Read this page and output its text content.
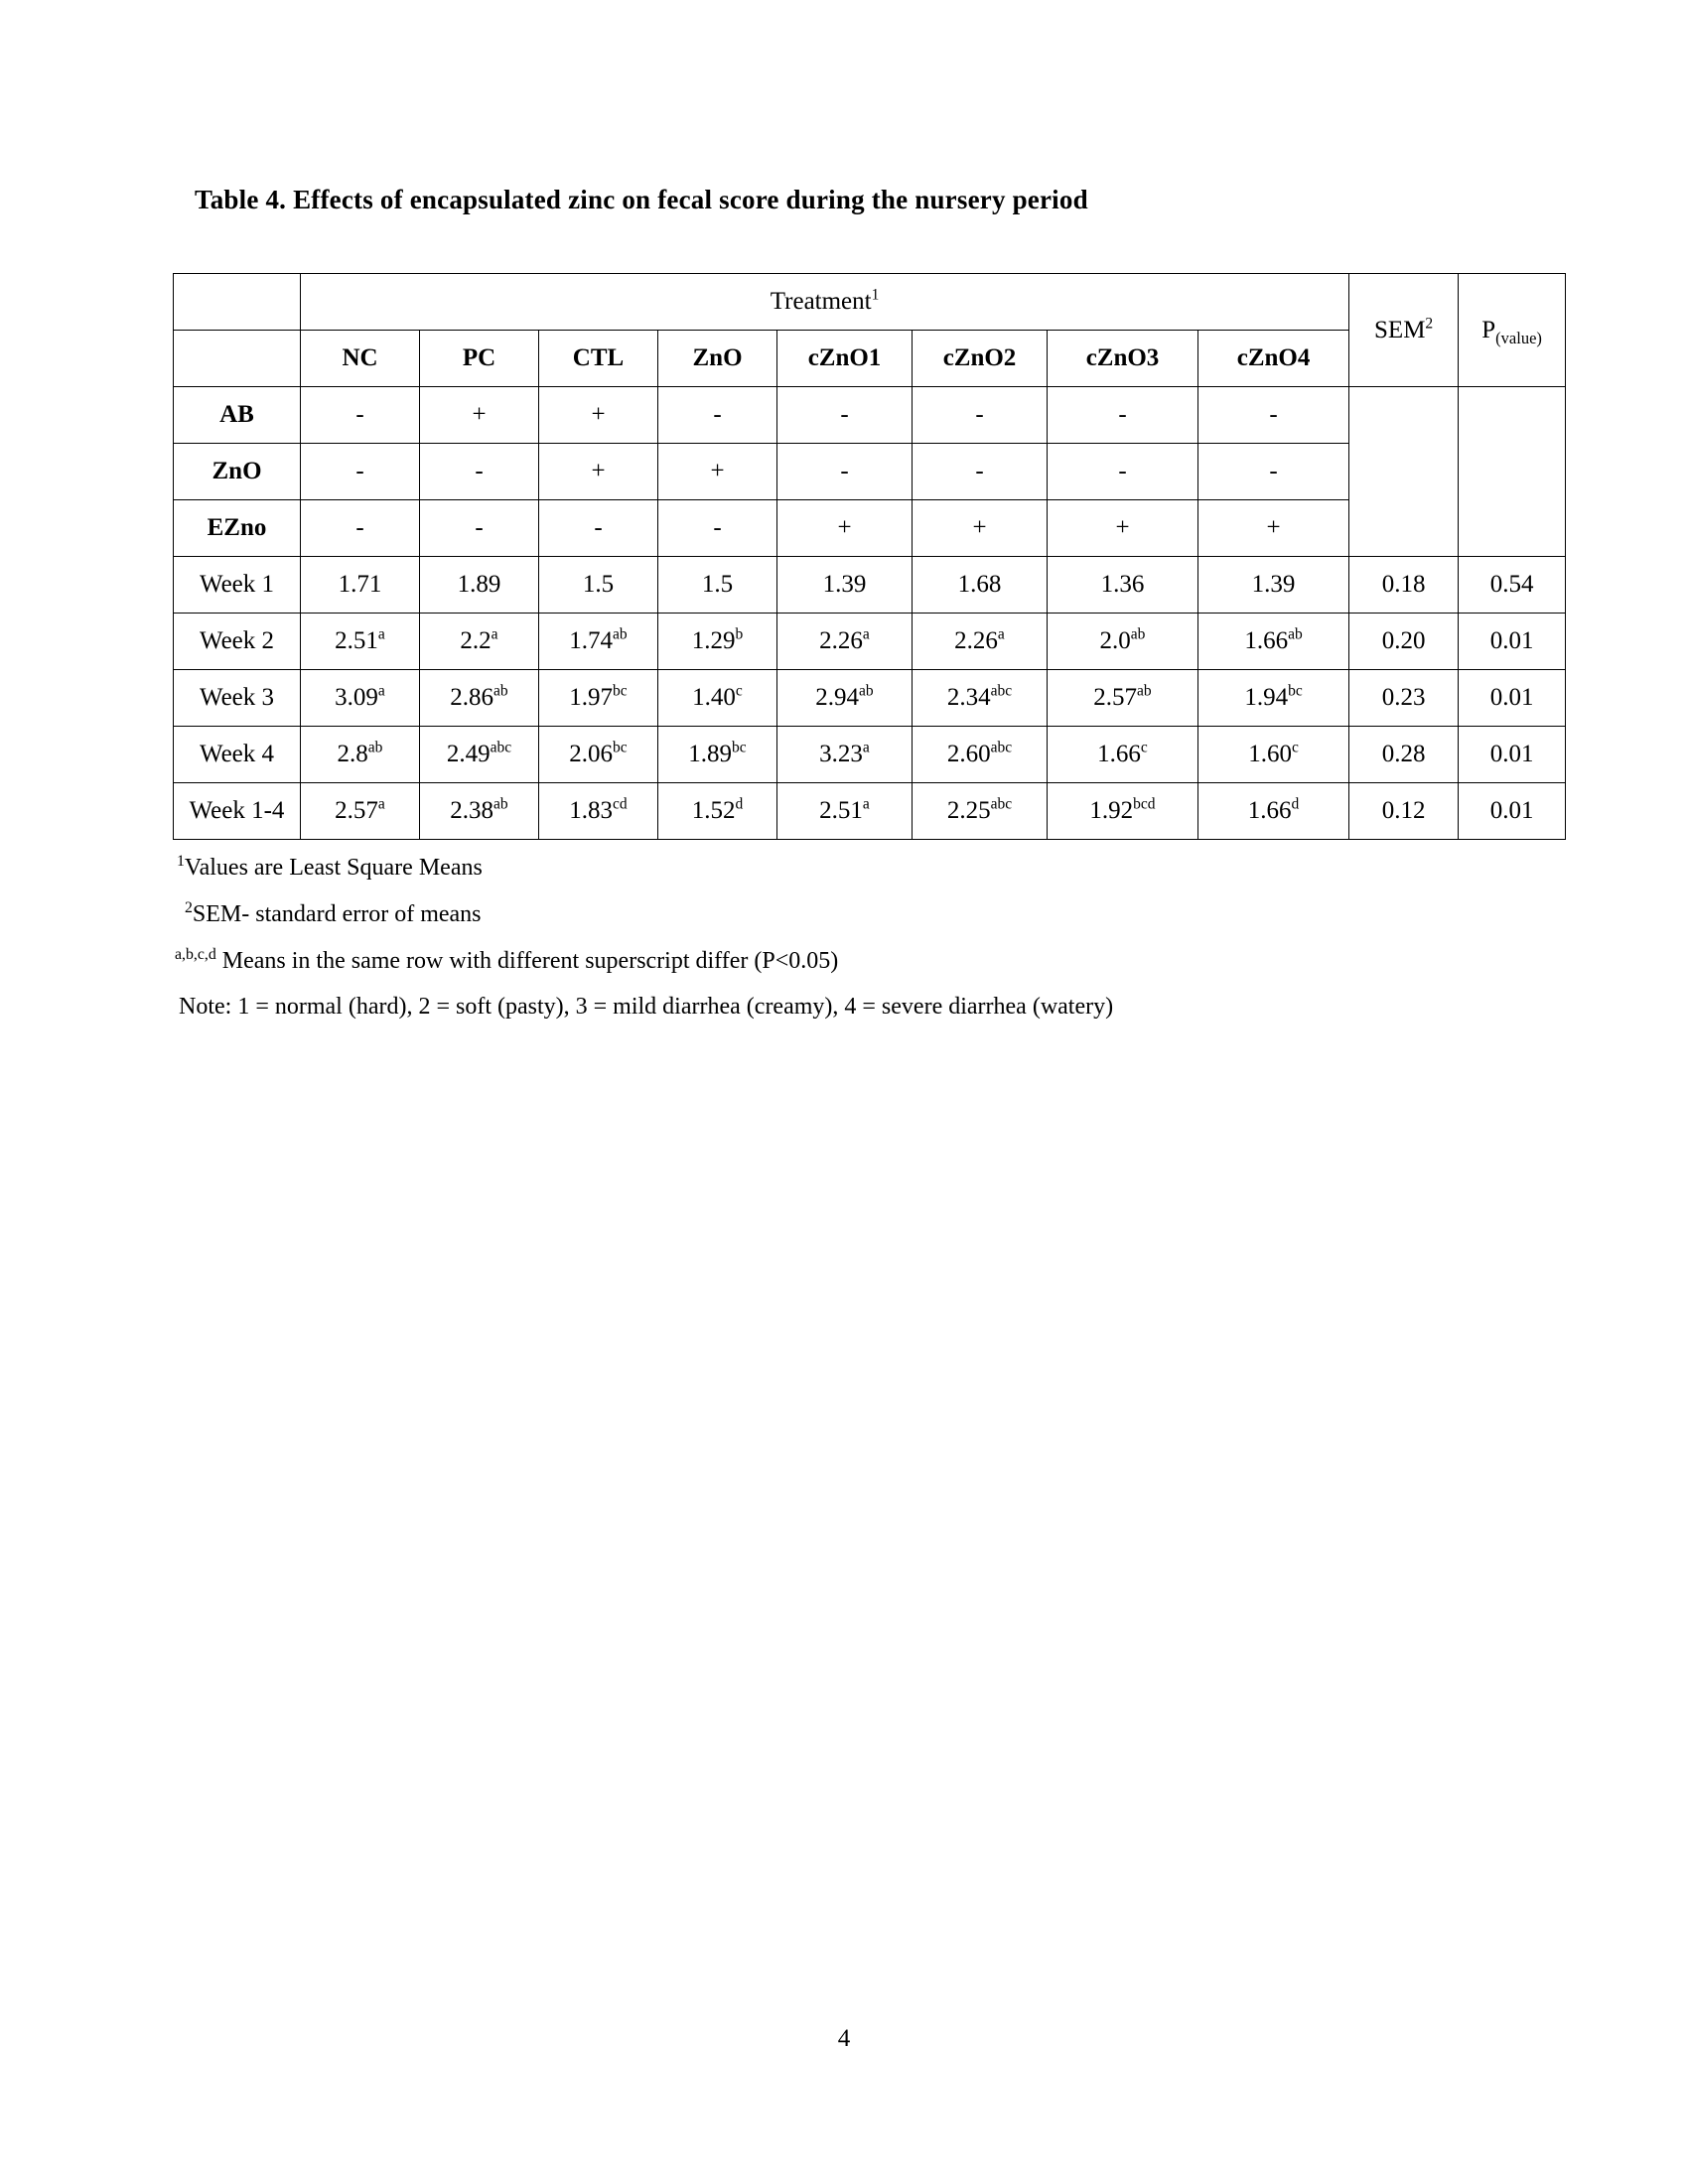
Table 4. Effects of encapsulated zinc on fecal score during the nursery period
	Treatment$^1$								SEM$^2$	$P_{(value)}$
	NC	PC	CTL	ZnO	cZnO1	cZnO2	cZnO3	cZnO4		
AB	-	+	+	-	-	-	-	-		
ZnO	-	-	+	+	-	-	-	-		
EZno	-	-	-	-	+	+	+	+		
Week 1	1.71	1.89	1.5	1.5	1.39	1.68	1.36	1.39	0.18	0.54
Week 2	2.51$^a$	2.2$^a$	1.74$^{ab}$	1.29$^b$	2.26$^a$	2.26$^a$	2.0$^{ab}$	1.66$^{ab}$	0.20	0.01
Week 3	3.09$^a$	2.86$^{ab}$	1.97$^{bc}$	1.40$^c$	2.94$^{ab}$	2.34$^{abc}$	2.57$^{ab}$	1.94$^{bc}$	0.23	0.01
Week 4	2.8$^{ab}$	2.49$^{abc}$	2.06$^{bc}$	1.89$^{bc}$	3.23$^a$	2.60$^{abc}$	1.66$^c$	1.60$^c$	0.28	0.01
Week 1-4	2.57$^a$	2.38$^{ab}$	1.83$^{cd}$	1.52$^d$	2.51$^a$	2.25$^{abc}$	1.92$^{bcd}$	1.66$^d$	0.12	0.01

$^1$Values are Least Square Means

$^2$SEM- standard error of means

$^{a,b,c,d}$ Means in the same row with different superscript differ (P<0.05)

Note: 1 = normal (hard), 2 = soft (pasty), 3 = mild diarrhea (creamy), 4 = severe diarrhea (watery)

4
